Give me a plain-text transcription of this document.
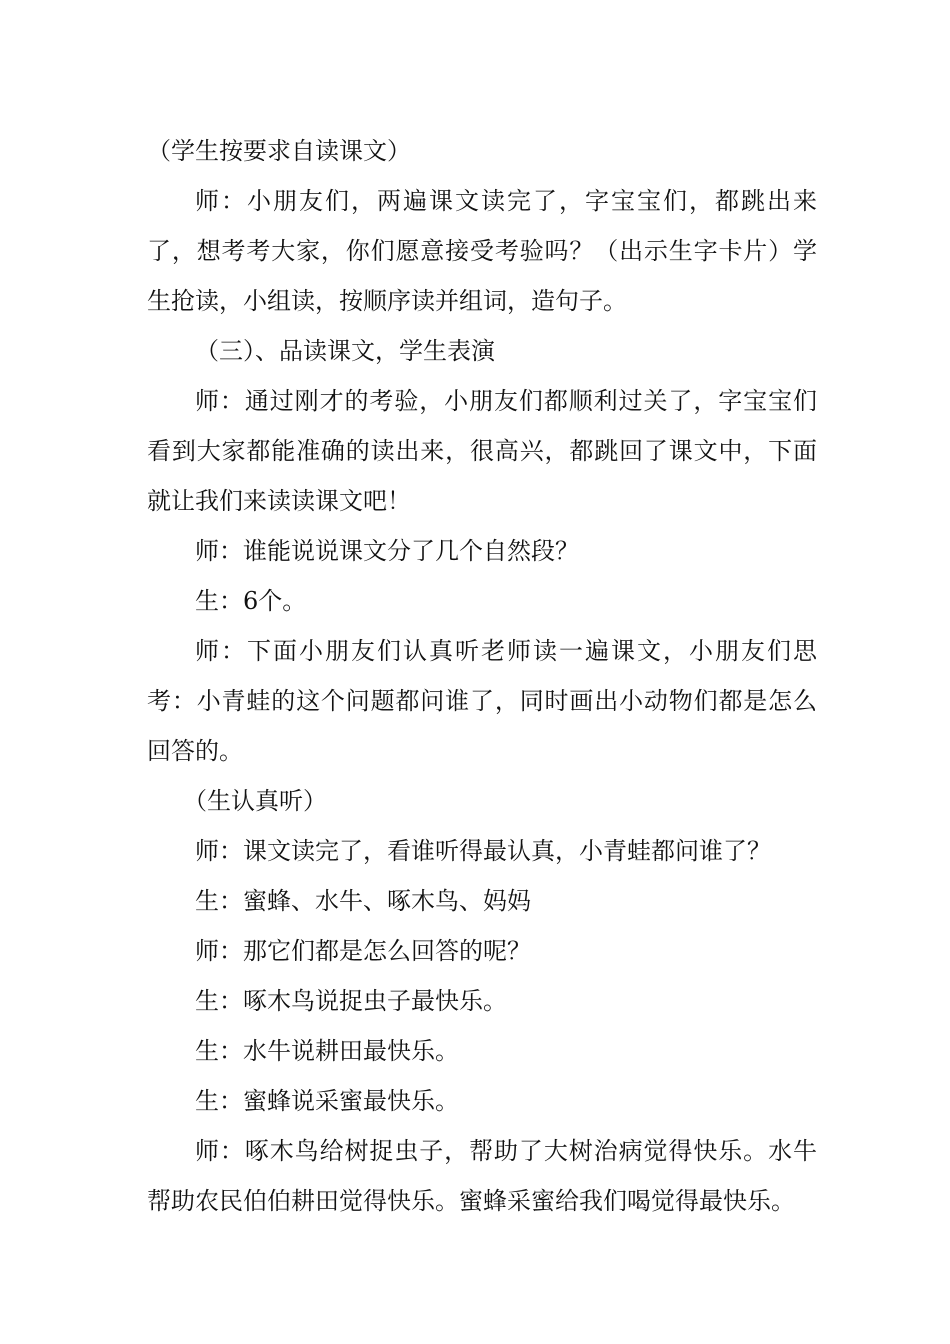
（学生按要求自读课文）

师：小朋友们，两遍课文读完了，字宝宝们，都跳出来了，想考考大家，你们愿意接受考验吗？（出示生字卡片）学生抢读，小组读，按顺序读并组词，造句子。

（三）、品读课文，学生表演

师：通过刚才的考验，小朋友们都顺利过关了，字宝宝们看到大家都能准确的读出来，很高兴，都跳回了课文中，下面就让我们来读读课文吧！

师：谁能说说课文分了几个自然段？

生：6个。

师：下面小朋友们认真听老师读一遍课文，小朋友们思考：小青蛙的这个问题都问谁了，同时画出小动物们都是怎么回答的。

（生认真听）

师：课文读完了，看谁听得最认真，小青蛙都问谁了？

生：蜜蜂、水牛、啄木鸟、妈妈

师：那它们都是怎么回答的呢？

生：啄木鸟说捉虫子最快乐。

生：水牛说耕田最快乐。

生：蜜蜂说采蜜最快乐。

师：啄木鸟给树捉虫子，帮助了大树治病觉得快乐。水牛帮助农民伯伯耕田觉得快乐。蜜蜂采蜜给我们喝觉得最快乐。
